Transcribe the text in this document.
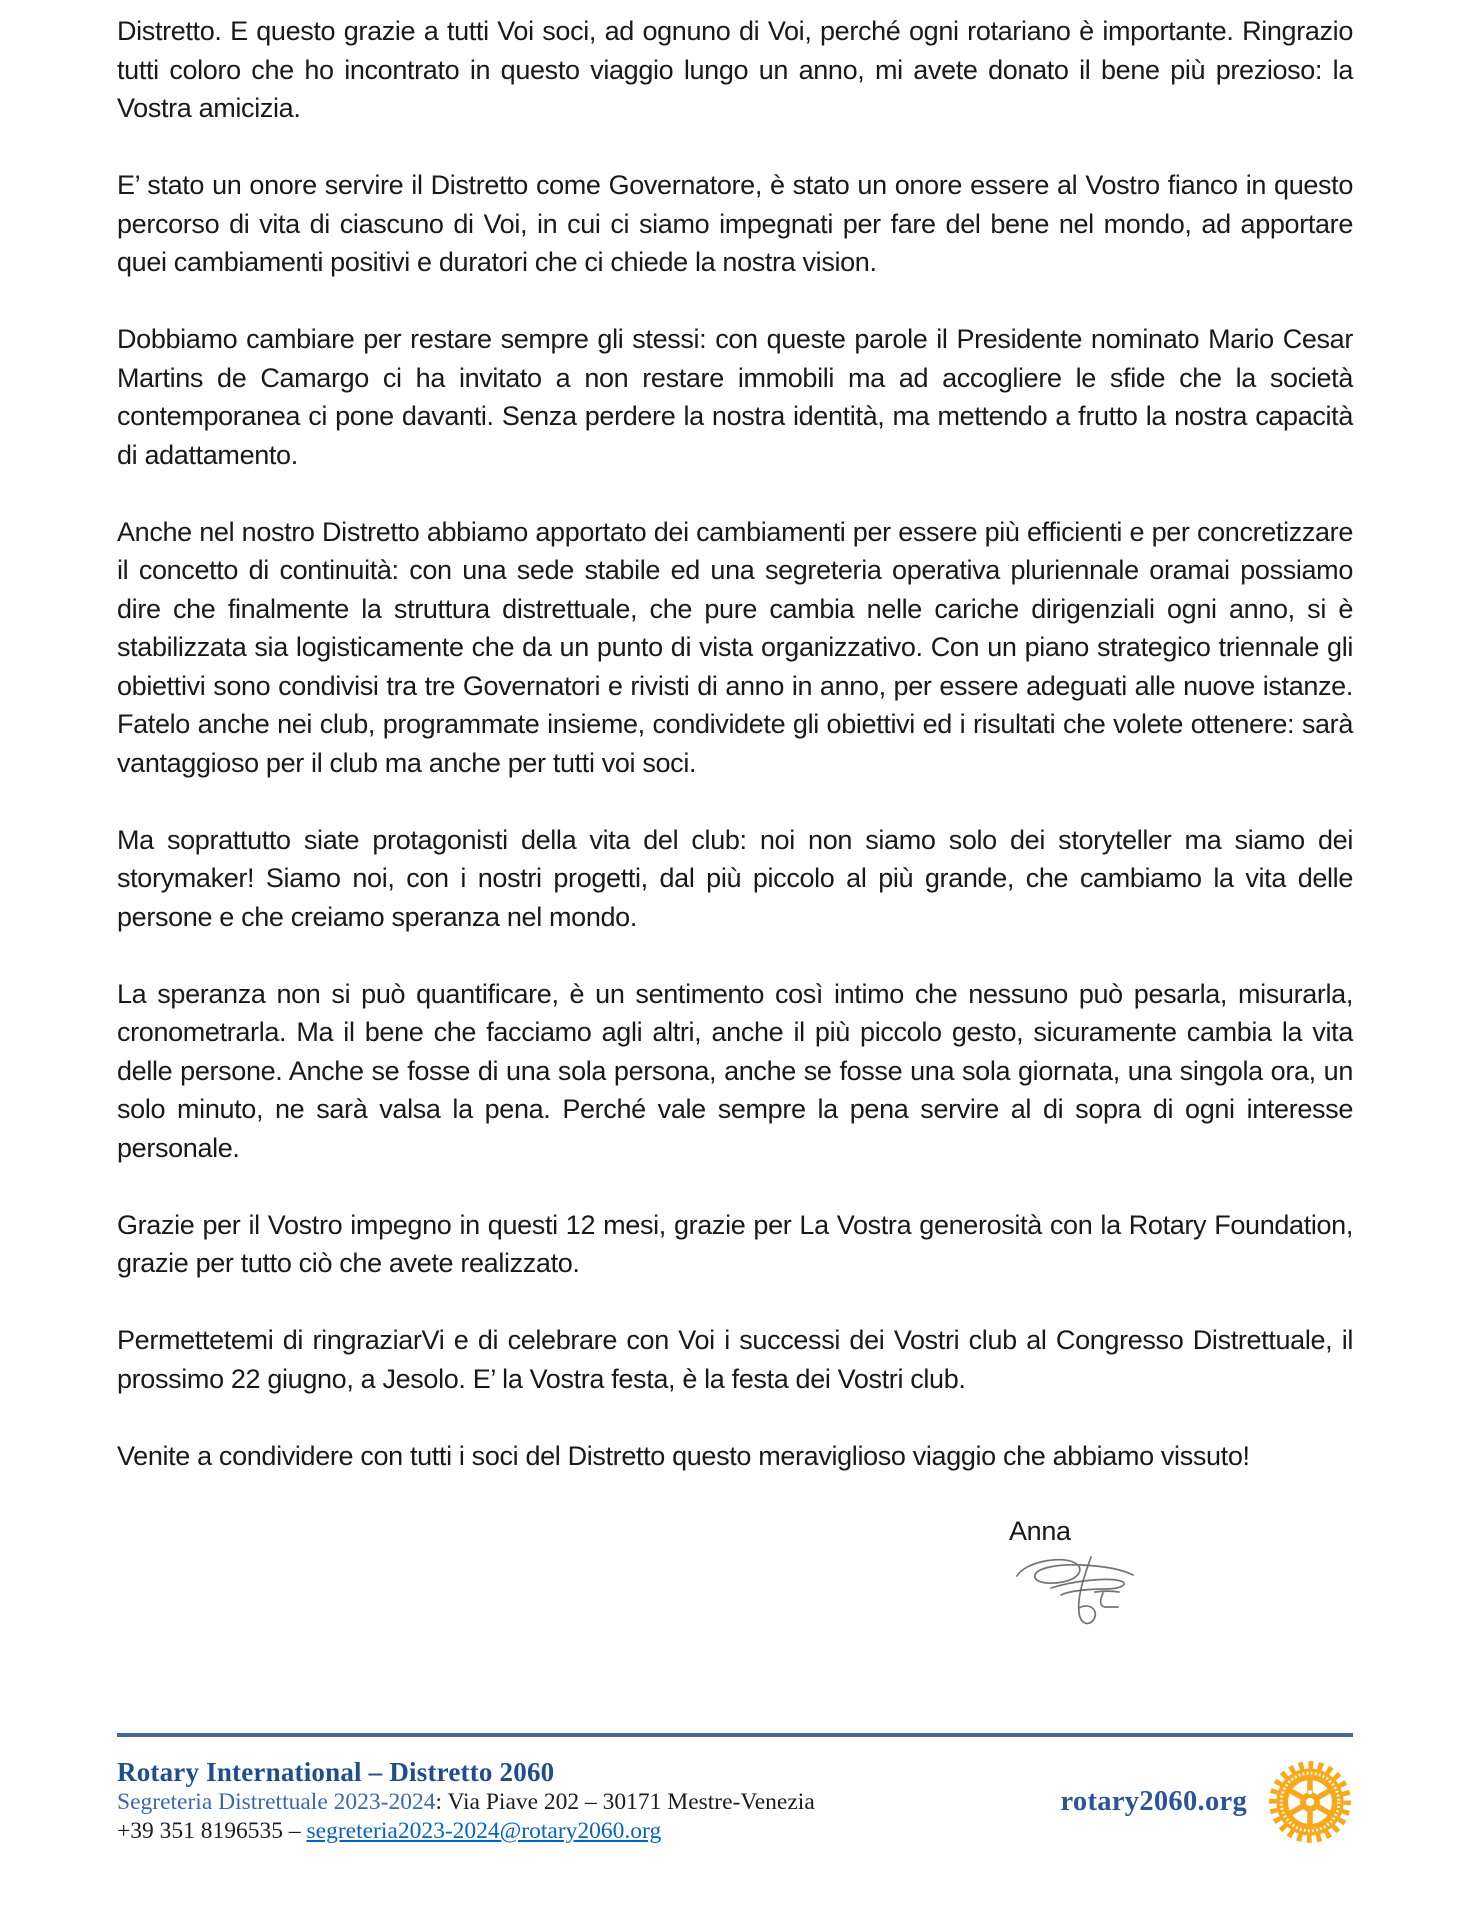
Distretto. E questo grazie a tutti Voi soci, ad ognuno di Voi, perché ogni rotariano è importante. Ringrazio tutti coloro che ho incontrato in questo viaggio lungo un anno, mi avete donato il bene più prezioso: la Vostra amicizia.

E’ stato un onore servire il Distretto come Governatore, è stato un onore essere al Vostro fianco in questo percorso di vita di ciascuno di Voi, in cui ci siamo impegnati per fare del bene nel mondo, ad apportare quei cambiamenti positivi e duratori che ci chiede la nostra vision.

Dobbiamo cambiare per restare sempre gli stessi: con queste parole il Presidente nominato Mario Cesar Martins de Camargo ci ha invitato a non restare immobili ma ad accogliere le sfide che la società contemporanea ci pone davanti. Senza perdere la nostra identità, ma mettendo a frutto la nostra capacità di adattamento.

Anche nel nostro Distretto abbiamo apportato dei cambiamenti per essere più efficienti e per concretizzare il concetto di continuità: con una sede stabile ed una segreteria operativa pluriennale oramai possiamo dire che finalmente la struttura distrettuale, che pure cambia nelle cariche dirigenziali ogni anno, si è stabilizzata sia logisticamente che da un punto di vista organizzativo. Con un piano strategico triennale gli obiettivi sono condivisi tra tre Governatori e rivisti di anno in anno, per essere adeguati alle nuove istanze. Fatelo anche nei club, programmate insieme, condividete gli obiettivi ed i risultati che volete ottenere: sarà vantaggioso per il club ma anche per tutti voi soci.

Ma soprattutto siate protagonisti della vita del club: noi non siamo solo dei storyteller ma siamo dei storymaker! Siamo noi, con i nostri progetti, dal più piccolo al più grande, che cambiamo la vita delle persone e che creiamo speranza nel mondo.

La speranza non si può quantificare, è un sentimento così intimo che nessuno può pesarla, misurarla, cronometrarla. Ma il bene che facciamo agli altri, anche il più piccolo gesto, sicuramente cambia la vita delle persone. Anche se fosse di una sola persona, anche se fosse una sola giornata, una singola ora, un solo minuto, ne sarà valsa la pena. Perché vale sempre la pena servire al di sopra di ogni interesse personale.

Grazie per il Vostro impegno in questi 12 mesi, grazie per La Vostra generosità con la Rotary Foundation, grazie per tutto ciò che avete realizzato.

Permettetemi di ringraziarVi e di celebrare con Voi i successi dei Vostri club al Congresso Distrettuale, il prossimo 22 giugno, a Jesolo. E’ la Vostra festa, è la festa dei Vostri club.

Venite a condividere con tutti i soci del Distretto questo meraviglioso viaggio che abbiamo vissuto!

Anna
Rotary International – Distretto 2060
Segreteria Distrettuale 2023-2024: Via Piave 202 – 30171 Mestre-Venezia
+39 351 8196535 – segreteria2023-2024@rotary2060.org
rotary2060.org
